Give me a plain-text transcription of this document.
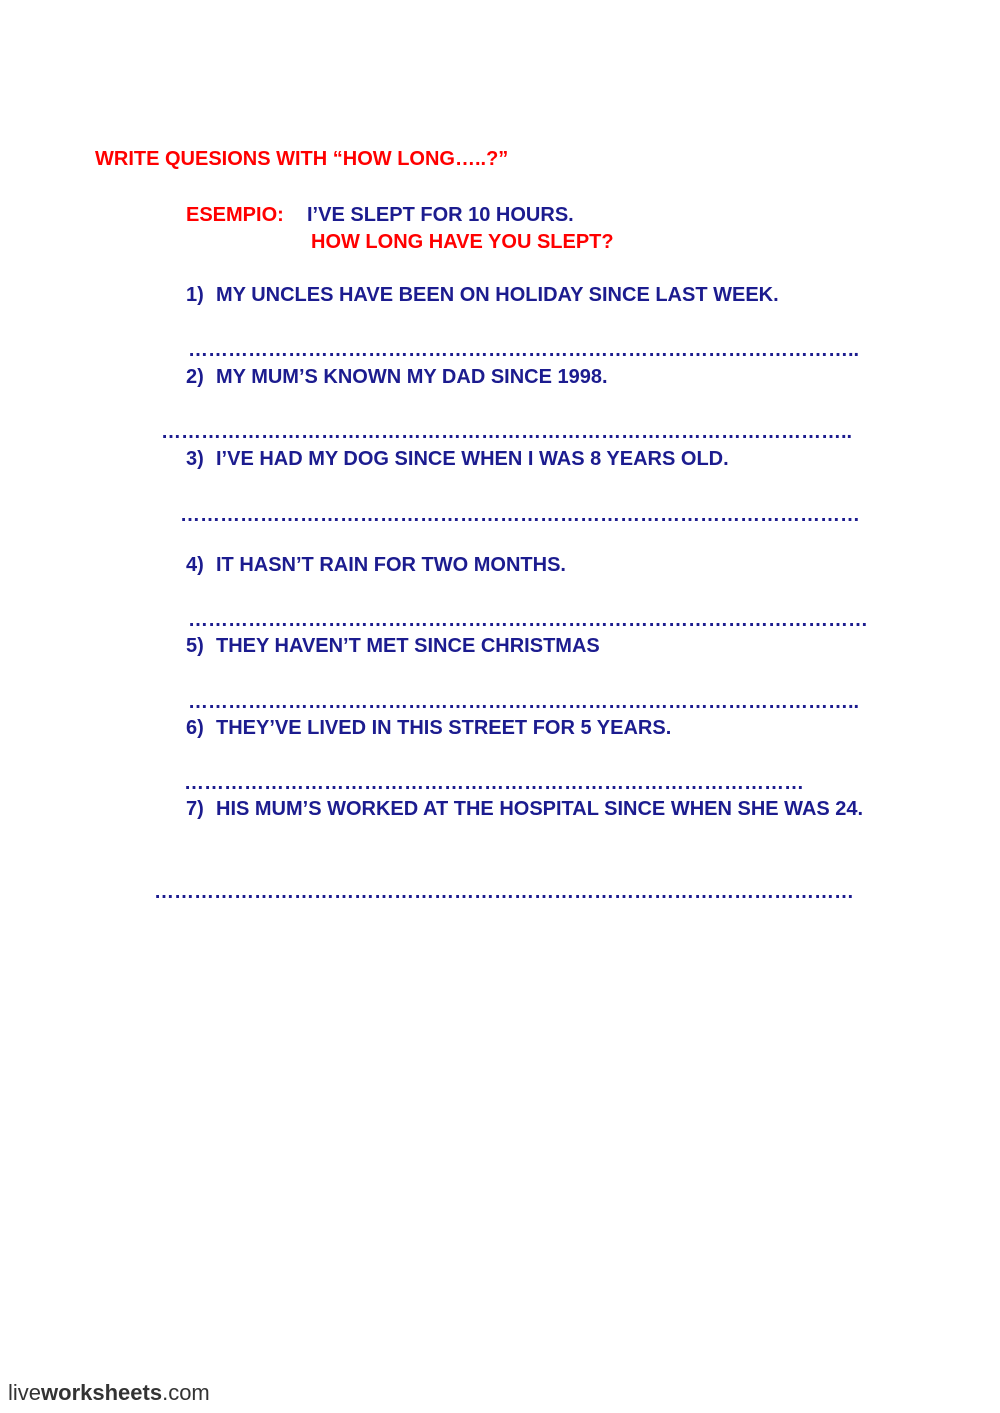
WRITE QUESIONS WITH “HOW LONG…..?”
ESEMPIO: I’VE SLEPT FOR 10 HOURS.
HOW LONG HAVE YOU SLEPT?
1) MY UNCLES HAVE BEEN ON HOLIDAY SINCE LAST WEEK.
………………………………………………………………………………………..
2) MY MUM’S KNOWN MY DAD SINCE 1998.
…………………………………………………………………………………………..
3) I’VE HAD MY DOG SINCE WHEN I WAS 8 YEARS OLD.
…………………………………………………………………………………………
4) IT HASN’T RAIN FOR TWO MONTHS.
…………………………………………………………………………………………
5) THEY HAVEN’T MET SINCE CHRISTMAS
………………………………………………………………………………………..
6) THEY’VE LIVED IN THIS STREET FOR 5 YEARS.
…………………………………………………………………………………
7) HIS MUM’S WORKED AT THE HOSPITAL SINCE WHEN SHE WAS 24.
……………………………………………………………………………………………
liveworksheets.com
